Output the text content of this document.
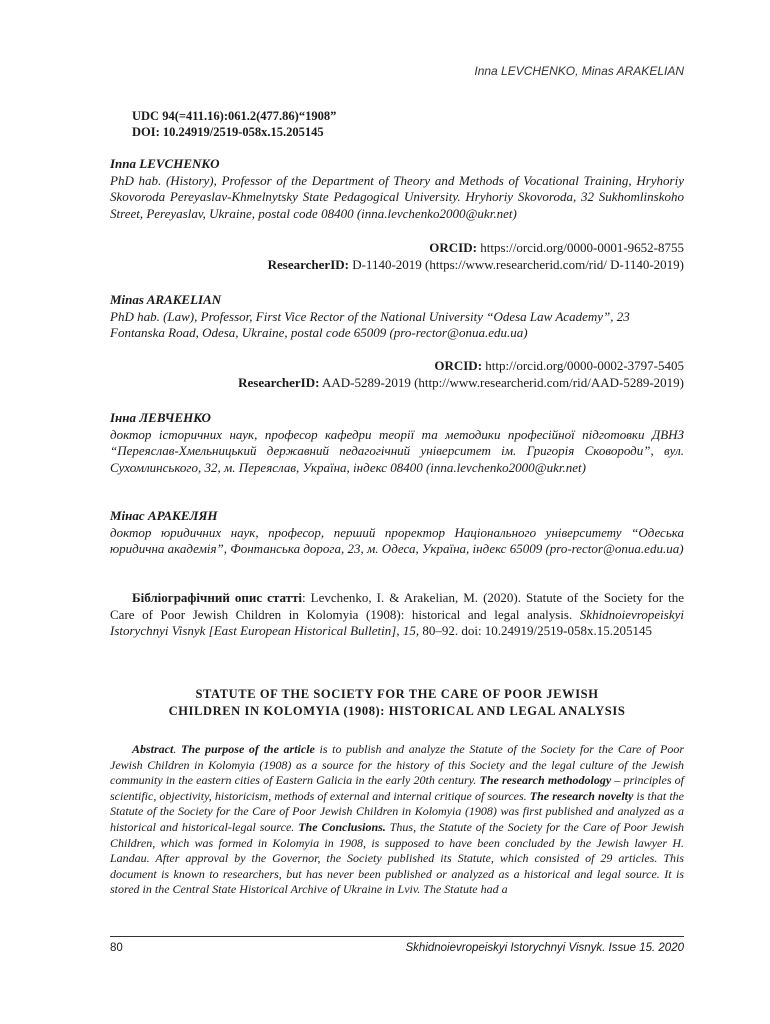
Inna LEVCHENKO, Minas ARAKELIAN
UDC 94(=411.16):061.2(477.86)“1908”
DOI: 10.24919/2519-058x.15.205145
Inna LEVCHENKO
PhD hab. (History), Professor of the Department of Theory and Methods of Vocational Training, Hryhoriy Skovoroda Pereyaslav-Khmelnytsky State Pedagogical University. Hryhoriy Skovoroda, 32 Sukhomlinskoho Street, Pereyaslav, Ukraine, postal code 08400 (inna.levchenko2000@ukr.net)
ORCID: https://orcid.org/0000-0001-9652-8755
ResearcherID: D-1140-2019 (https://www.researcherid.com/rid/ D-1140-2019)
Minas ARAKELIAN
PhD hab. (Law), Professor, First Vice Rector of the National University “Odesa Law Academy”, 23 Fontanska Road, Odesa, Ukraine, postal code 65009 (pro-rector@onua.edu.ua)
ORCID: http://orcid.org/0000-0002-3797-5405
ResearcherID: AAD-5289-2019 (http://www.researcherid.com/rid/AAD-5289-2019)
Інна ЛЕВЧЕНКО
доктор історичних наук, професор кафедри теорії та методики професійної підготовки ДВНЗ “Переяслав-Хмельницький державний педагогічний університет ім. Григорія Сковороди”, вул. Сухомлинського, 32, м. Переяслав, Україна, індекс 08400 (inna.levchenko2000@ukr.net)
Мінас АРАКЕЛЯН
доктор юридичних наук, професор, перший проректор Національного університету “Одеська юридична академія”, Фонтанська дорога, 23, м. Одеса, Україна, індекс 65009 (pro-rector@onua.edu.ua)
Бібліографічний опис статті: Levchenko, I. & Arakelian, M. (2020). Statute of the Society for the Care of Poor Jewish Children in Kolomyia (1908): historical and legal analysis. Skhidnoievropeiskyi Istorychnyi Visnyk [East European Historical Bulletin], 15, 80–92. doi: 10.24919/2519-058x.15.205145
STATUTE OF THE SOCIETY FOR THE CARE OF POOR JEWISH
CHILDREN IN KOLOMYIA (1908): HISTORICAL AND LEGAL ANALYSIS
Abstract. The purpose of the article is to publish and analyze the Statute of the Society for the Care of Poor Jewish Children in Kolomyia (1908) as a source for the history of this Society and the legal culture of the Jewish community in the eastern cities of Eastern Galicia in the early 20th century. The research methodology – principles of scientific, objectivity, historicism, methods of external and internal critique of sources. The research novelty is that the Statute of the Society for the Care of Poor Jewish Children in Kolomyia (1908) was first published and analyzed as a historical and historical-legal source. The Conclusions. Thus, the Statute of the Society for the Care of Poor Jewish Children, which was formed in Kolomyia in 1908, is supposed to have been concluded by the Jewish lawyer H. Landau. After approval by the Governor, the Society published its Statute, which consisted of 29 articles. This document is known to researchers, but has never been published or analyzed as a historical and legal source. It is stored in the Central State Historical Archive of Ukraine in Lviv. The Statute had a
80	Skhidnoievropeiskyi Istorychnyi Visnyk. Issue 15. 2020
